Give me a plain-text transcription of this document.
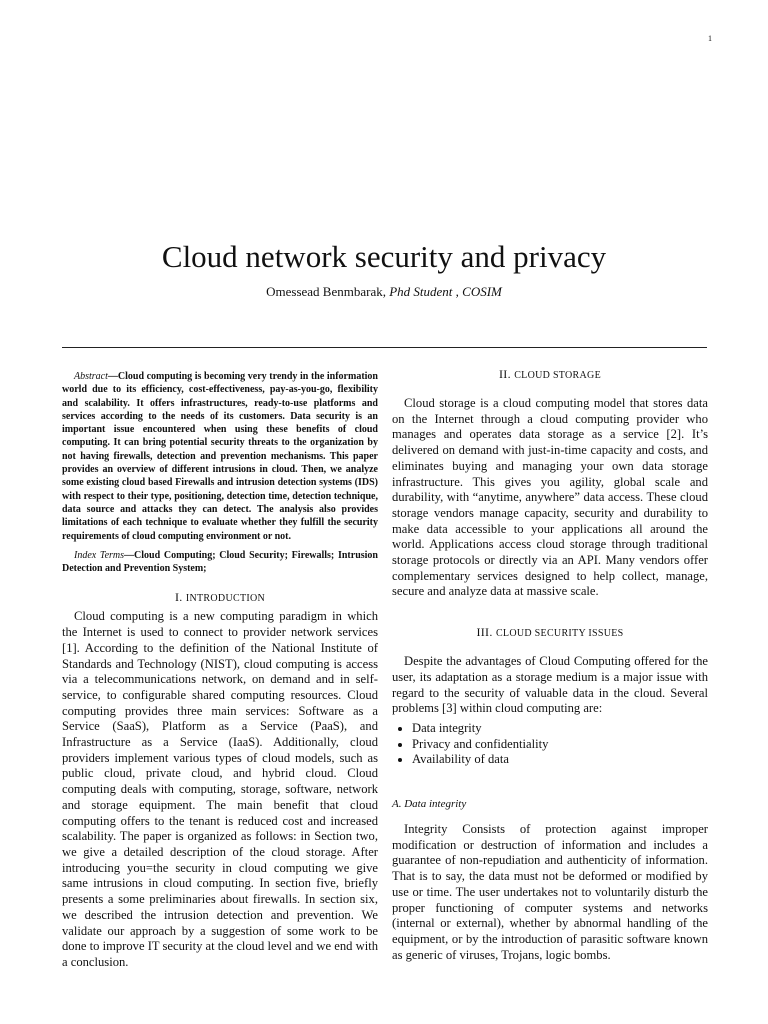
1
Cloud network security and privacy
Omessead Benmbarak, Phd Student , COSIM

Abstract—Cloud computing is becoming very trendy in the information world due to its efficiency, cost-effectiveness, pay-as-you-go, flexibility and scalability. It offers infrastructures, ready-to-use platforms and services according to the needs of its customers. Data security is an important issue encountered when using these benefits of cloud computing. It can bring potential security threats to the organization by not having firewalls, detection and prevention mechanisms. This paper provides an overview of different intrusions in cloud. Then, we analyze some existing cloud based Firewalls and intrusion detection systems (IDS) with respect to their type, positioning, detection time, detection technique, data source and attacks they can detect. The analysis also provides limitations of each technique to evaluate whether they fulfill the security requirements of cloud computing environment or not.

Index Terms—Cloud Computing; Cloud Security; Firewalls; Intrusion Detection and Prevention System;

I. INTRODUCTION

Cloud computing is a new computing paradigm in which the Internet is used to connect to provider network services [1]. According to the definition of the National Institute of Standards and Technology (NIST), cloud computing is access via a telecommunications network, on demand and in self-service, to configurable shared computing resources. Cloud computing provides three main services: Software as a Service (SaaS), Platform as a Service (PaaS), and Infrastructure as a Service (IaaS). Additionally, cloud providers implement various types of cloud models, such as public cloud, private cloud, and hybrid cloud. Cloud computing deals with computing, storage, software, network and storage equipment. The main benefit that cloud computing offers to the tenant is reduced cost and increased scalability. The paper is organized as follows: in Section two, we give a detailed description of the cloud storage. After introducing you=the security in cloud computing we give same intrusions in cloud computing. In section five, briefly presents a some preliminaries about firewalls. In section six, we described the intrusion detection and prevention. We validate our approach by a suggestion of some work to be done to improve IT security at the cloud level and we end with a conclusion.

II. CLOUD STORAGE

Cloud storage is a cloud computing model that stores data on the Internet through a cloud computing provider who manages and operates data storage as a service [2]. It’s delivered on demand with just-in-time capacity and costs, and eliminates buying and managing your own data storage infrastructure. This gives you agility, global scale and durability, with “anytime, anywhere” data access. These cloud storage vendors manage capacity, security and durability to make data accessible to your applications all around the world. Applications access cloud storage through traditional storage protocols or directly via an API. Many vendors offer complementary services designed to help collect, manage, secure and analyze data at massive scale.

III. CLOUD SECURITY ISSUES

Despite the advantages of Cloud Computing offered for the user, its adaptation as a storage medium is a major issue with regard to the security of valuable data in the cloud. Several problems [3] within cloud computing are:

• Data integrity
• Privacy and confidentiality
• Availability of data
A. Data integrity

Integrity Consists of protection against improper modification or destruction of information and includes a guarantee of non-repudiation and authenticity of information. That is to say, the data must not be deformed or modified by use or time. The user undertakes not to voluntarily disturb the proper functioning of computer systems and networks (internal or external), whether by abnormal handling of the equipment, or by the introduction of parasitic software known as generic of viruses, Trojans, logic bombs.
